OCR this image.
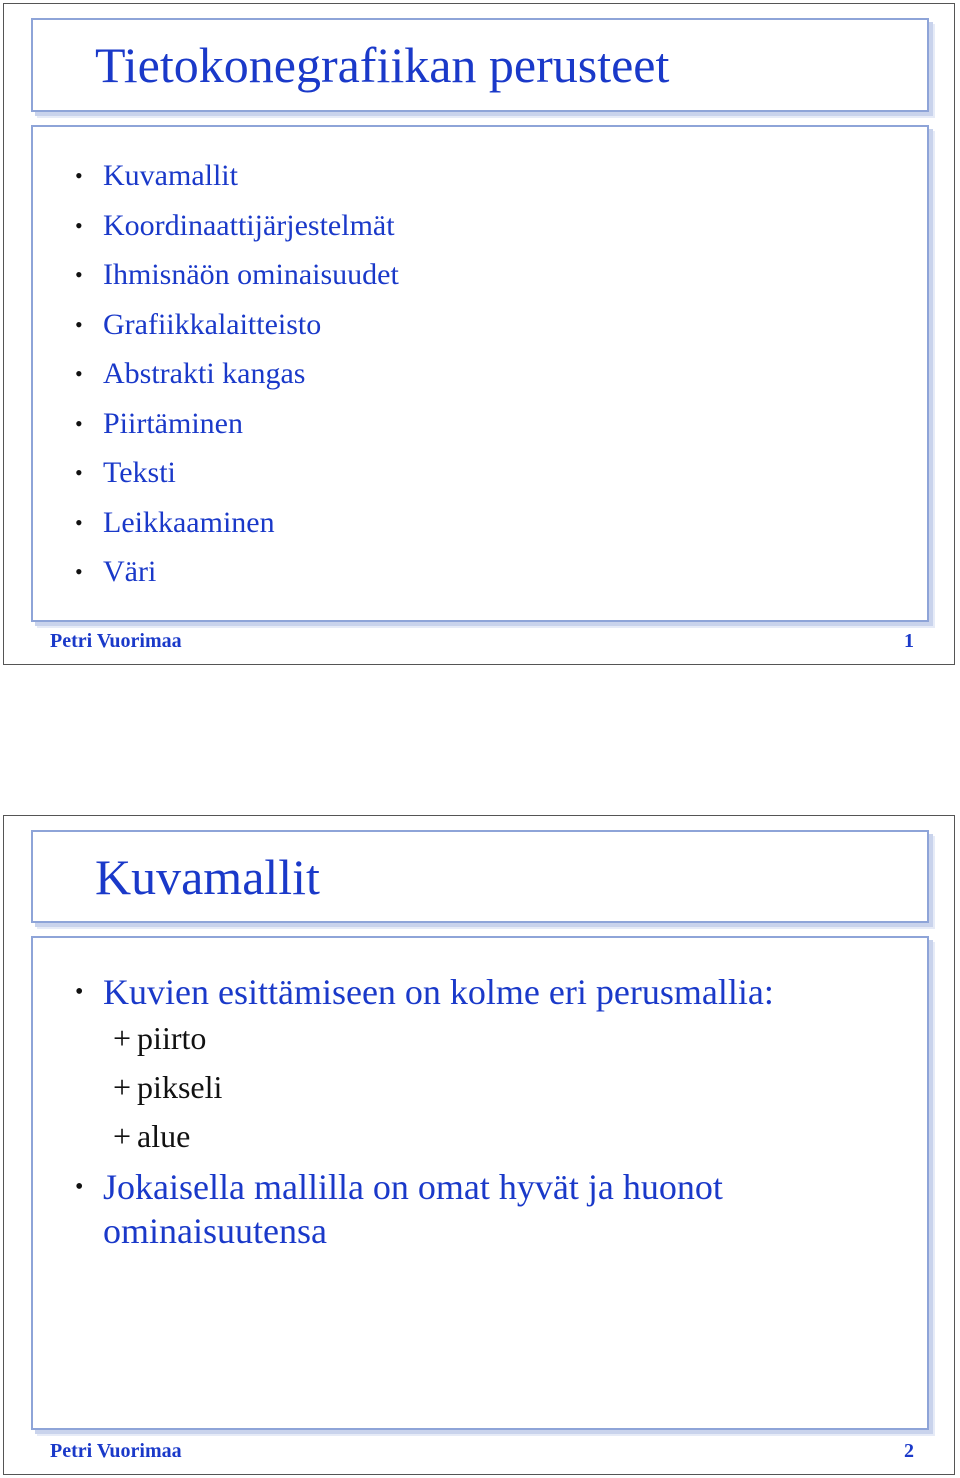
Tietokonegrafiikan perusteet
• Kuvamallit
• Koordinaattijärjestelmät
• Ihmisnäön ominaisuudet
• Grafiikkalaitteisto
• Abstrakti kangas
• Piirtäminen
• Teksti
• Leikkaaminen
• Väri
Petri Vuorimaa	1
Kuvamallit
• Kuvien esittämiseen on kolme eri perusmallia:
+ piirto
+ pikseli
+ alue
• Jokaisella mallilla on omat hyvät ja huonot ominaisuutensa
Petri Vuorimaa	2
